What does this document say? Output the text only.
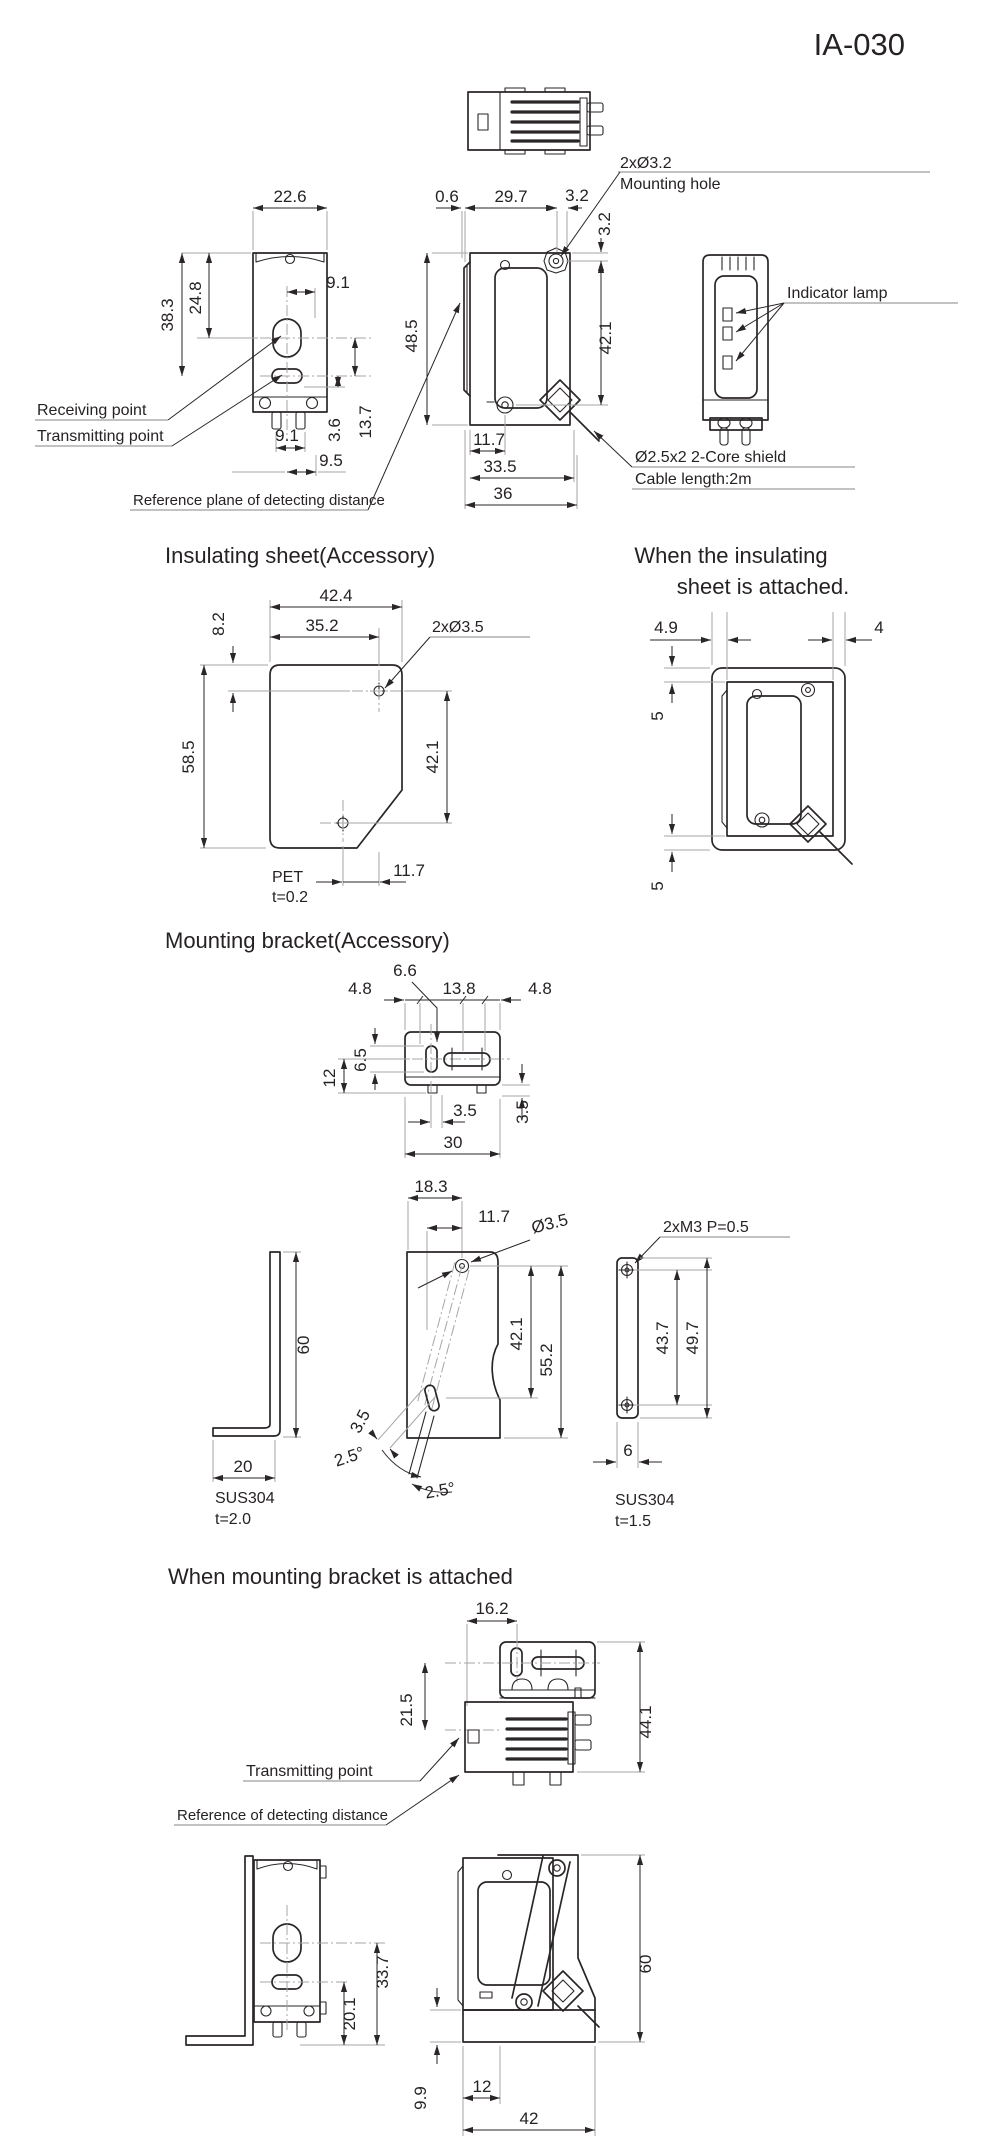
IA-030
22.6
38.3
24.8	9.1
13.7
3.6
9.1
9.5
Receiving point
Transmitting point
Reference plane of detecting distance
0.6 29.7 3.2
3.2
42.1
48.5
11.7
33.5
36
2xØ3.2
Mounting hole
Ø2.5x2 2-Core shield
Cable length:2m
Indicator lamp
Insulating sheet(Accessory)
42.4
35.2
8.2
58.5	42.1
2xØ3.5
11.7
PET
t=0.2
When the insulating
sheet is attached.
4.9	4
5
5
Mounting bracket(Accessory)
6.6
4.8	13.8	4.8
6.5
12
3.5 3.5
30
60
20
SUS304
t=2.0
18.3
11.7 Ø3.5
3.5
2.5°
2.5°
42.1
55.2
2xM3 P=0.5
43.7 49.7
6
SUS304
t=1.5
When mounting bracket is attached
16.2
21.5	44.1
Transmitting point
Reference of detecting distance
20.1
33.7	60
9.9	12
42
